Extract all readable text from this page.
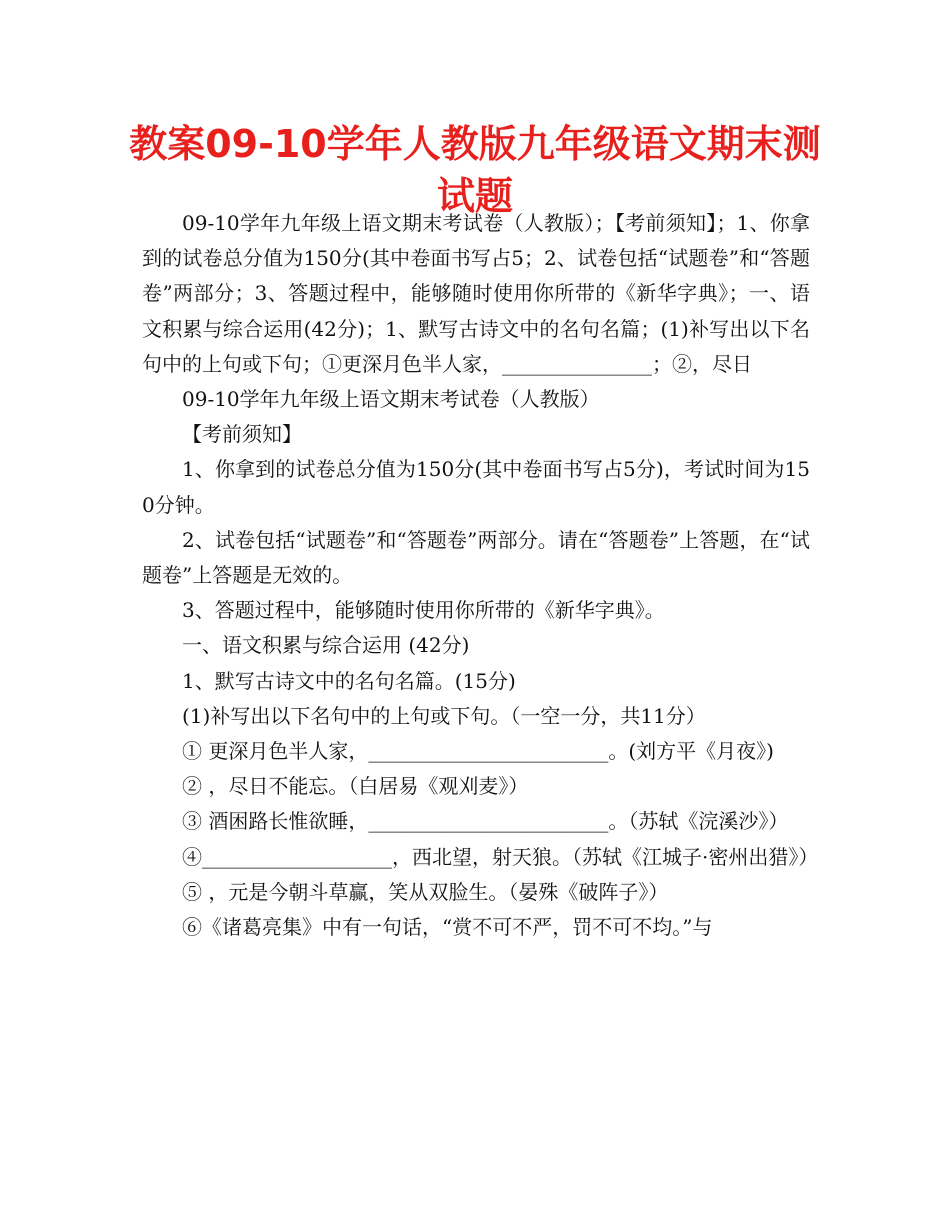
教案09-10学年人教版九年级语文期末测试题

09-10学年九年级上语文期末考试卷（人教版）；【考前须知】；1、你拿到的试卷总分值为150分(其中卷面书写占5；2、试卷包括“试题卷”和“答题卷”两部分；3、答题过程中，能够随时使用你所带的《新华字典》；一、语文积累与综合运用(42分)；1、默写古诗文中的名句名篇；(1)补写出以下名句中的上句或下句；①更深月色半人家，_______________；②，尽日

09-10学年九年级上语文期末考试卷（人教版）

【考前须知】

1、你拿到的试卷总分值为150分(其中卷面书写占5分)，考试时间为150分钟。

2、试卷包括“试题卷”和“答题卷”两部分。请在“答题卷”上答题，在“试题卷”上答题是无效的。

3、答题过程中，能够随时使用你所带的《新华字典》。

一、语文积累与综合运用 (42分)

1、默写古诗文中的名句名篇。(15分)

(1)补写出以下名句中的上句或下句。（一空一分，共11分）

① 更深月色半人家，________________________。(刘方平《月夜》)

② ，尽日不能忘。（白居易《观刈麦》）

③ 酒困路长惟欲睡，________________________。（苏轼《浣溪沙》）

④___________________，西北望，射天狼。（苏轼《江城子·密州出猎》）

⑤ ，元是今朝斗草赢，笑从双脸生。（晏殊《破阵子》）

⑥《诸葛亮集》中有一句话，“赏不可不严，罚不可不均。”与
